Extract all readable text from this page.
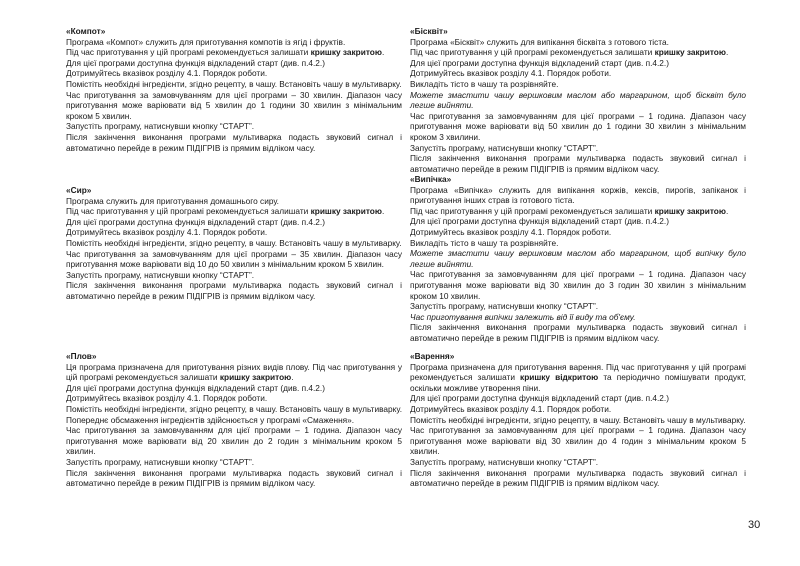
«Компот»
Програма «Компот» служить для приготування компотів із ягід і фруктів.
Під час приготування у цій програмі рекомендується залишати кришку закритою.
Для цієї програми доступна функція відкладений старт (див. п.4.2.)
Дотримуйтесь вказівок розділу 4.1. Порядок роботи.
Помістіть необхідні інгредієнти, згідно рецепту, в чашу. Встановіть чашу в мультиварку.
Час приготування за замовчуванням для цієї програми – 30 хвилин. Діапазон часу приготування може варіювати від 5 хвилин до 1 години 30 хвилин з мінімальним кроком 5 хвилин.
Запустіть програму, натиснувши кнопку “СТАРТ”.
Після закінчення виконання програми мультиварка подасть звуковий сигнал і автоматично перейде в режим ПІДІГРІВ із прямим відліком часу.
«Сир»
Програма служить для приготування домашнього сиру.
Під час приготування у цій програмі рекомендується залишати кришку закритою.
Для цієї програми доступна функція відкладений старт (див. п.4.2.)
Дотримуйтесь вказівок розділу 4.1. Порядок роботи.
Помістіть необхідні інгредієнти, згідно рецепту, в чашу. Встановіть чашу в мультиварку.
Час приготування за замовчуванням для цієї програми – 35 хвилин. Діапазон часу приготування може варіювати від 10 до 50 хвилин з мінімальним кроком 5 хвилин.
Запустіть програму, натиснувши кнопку “СТАРТ”.
Після закінчення виконання програми мультиварка подасть звуковий сигнал і автоматично перейде в режим ПІДІГРІВ із прямим відліком часу.
«Плов»
Ця програма призначена для приготування різних видів плову. Під час приготування у цій програмі рекомендується залишати кришку закритою.
Для цієї програми доступна функція відкладений старт (див. п.4.2.)
Дотримуйтесь вказівок розділу 4.1. Порядок роботи.
Помістіть необхідні інгредієнти, згідно рецепту, в чашу. Встановіть чашу в мультиварку. Попереднє обсмаження інгредієнтів здійснюється у програмі «Смаження».
Час приготування за замовчуванням для цієї програми – 1 година. Діапазон часу приготування може варіювати від 20 хвилин до 2 годин з мінімальним кроком 5 хвилин.
Запустіть програму, натиснувши кнопку “СТАРТ”.
Після закінчення виконання програми мультиварка подасть звуковий сигнал і автоматично перейде в режим ПІДІГРІВ із прямим відліком часу.
«Бісквіт»
Програма «Бісквіт» служить для випікання бісквіта з готового тіста.
Під час приготування у цій програмі рекомендується залишати кришку закритою.
Для цієї програми доступна функція відкладений старт (див. п.4.2.)
Дотримуйтесь вказівок розділу 4.1. Порядок роботи.
Викладіть тісто в чашу та розрівняйте.
Можете змастити чашу вершковим маслом або маргарином, щоб бісквіт було легше вийняти.
Час приготування за замовчуванням для цієї програми – 1 година. Діапазон часу приготування може варіювати від 50 хвилин до 1 години 30 хвилин з мінімальним кроком 3 хвилини.
Запустіть програму, натиснувши кнопку “СТАРТ”.
Після закінчення виконання програми мультиварка подасть звуковий сигнал і автоматично перейде в режим ПІДІГРІВ із прямим відліком часу.
«Випічка»
Програма «Випічка» служить для випікання коржів, кексів, пирогів, запіканок і приготування інших страв із готового тіста.
Під час приготування у цій програмі рекомендується залишати кришку закритою.
Для цієї програми доступна функція відкладений старт (див. п.4.2.)
Дотримуйтесь вказівок розділу 4.1. Порядок роботи.
Викладіть тісто в чашу та розрівняйте.
Можете змастити чашу вершковим маслом або маргарином, щоб випічку було легше вийняти.
Час приготування за замовчуванням для цієї програми – 1 година. Діапазон часу приготування може варіювати від 30 хвилин до 3 годин 30 хвилин з мінімальним кроком 10 хвилин.
Запустіть програму, натиснувши кнопку “СТАРТ”.
Час приготування випічки залежить від її виду та об'єму.
Після закінчення виконання програми мультиварка подасть звуковий сигнал і автоматично перейде в режим ПІДІГРІВ із прямим відліком часу.
«Варення»
Програма призначена для приготування варення. Під час приготування у цій програмі рекомендується залишати кришку відкритою та періодично помішувати продукт, оскільки можливе утворення піни.
Для цієї програми доступна функція відкладений старт (див. п.4.2.)
Дотримуйтесь вказівок розділу 4.1. Порядок роботи.
Помістіть необхідні інгредієнти, згідно рецепту, в чашу. Встановіть чашу в мультиварку.
Час приготування за замовчуванням для цієї програми – 1 година. Діапазон часу приготування може варіювати від 30 хвилин до 4 годин з мінімальним кроком 5 хвилин.
Запустіть програму, натиснувши кнопку “СТАРТ”.
Після закінчення виконання програми мультиварка подасть звуковий сигнал і автоматично перейде в режим ПІДІГРІВ із прямим відліком часу.
30
